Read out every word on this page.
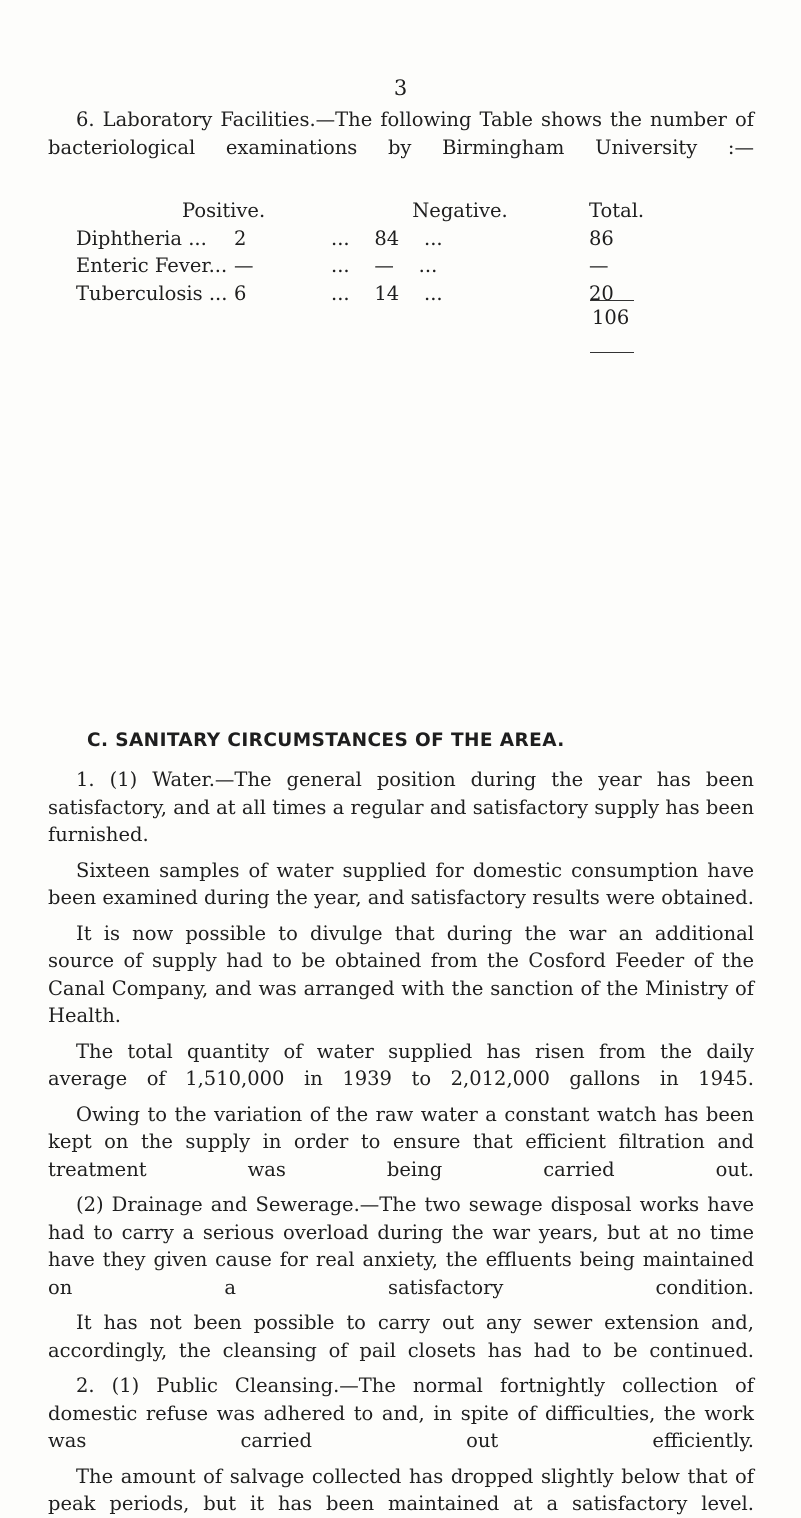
3

6. Laboratory Facilities.—The following Table shows the number of bacteriological examinations by Birmingham University :—

	Positive.	Negative.	Total.
Diphtheria ...	2	...    84    ...	86
Enteric Fever...	—	...    —    ...	—
Tuberculosis ...	6	...    14    ...	20
106
C. SANITARY CIRCUMSTANCES OF THE AREA.

1. (1) Water.—The general position during the year has been satisfactory, and at all times a regular and satisfactory supply has been furnished.

Sixteen samples of water supplied for domestic consumption have been examined during the year, and satisfactory results were obtained.

It is now possible to divulge that during the war an additional source of supply had to be obtained from the Cosford Feeder of the Canal Company, and was arranged with the sanction of the Ministry of Health.

The total quantity of water supplied has risen from the daily average of 1,510,000 in 1939 to 2,012,000 gallons in 1945.

Owing to the variation of the raw water a constant watch has been kept on the supply in order to ensure that efficient filtration and treatment was being carried out.

(2) Drainage and Sewerage.—The two sewage disposal works have had to carry a serious overload during the war years, but at no time have they given cause for real anxiety, the effluents being maintained on a satisfactory condition.

It has not been possible to carry out any sewer extension and, accordingly, the cleansing of pail closets has had to be continued.

2. (1) Public Cleansing.—The normal fortnightly collection of domestic refuse was adhered to and, in spite of difficulties, the work was carried out efficiently.

The amount of salvage collected has dropped slightly below that of peak periods, but it has been maintained at a satisfactory level.
